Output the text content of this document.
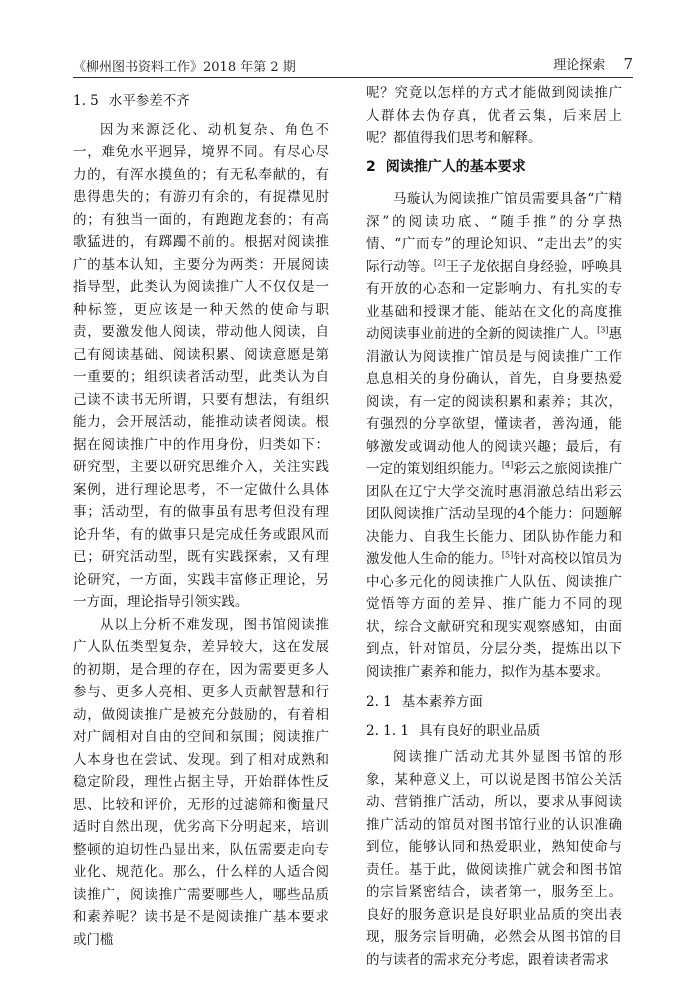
《柳州图书资料工作》2018 年第 2 期	理论探索 7

1. 5 水平参差不齐

因为来源泛化、动机复杂、角色不一，难免水平迥异，境界不同。有尽心尽力的，有浑水摸鱼的；有无私奉献的，有患得患失的；有游刃有余的，有捉襟见肘的；有独当一面的，有跑跑龙套的；有高歌猛进的，有踯躅不前的。根据对阅读推广的基本认知，主要分为两类：开展阅读指导型，此类认为阅读推广人不仅仅是一种标签，更应该是一种天然的使命与职责，要激发他人阅读，带动他人阅读，自己有阅读基础、阅读积累、阅读意愿是第一重要的；组织读者活动型，此类认为自己读不读书无所谓，只要有想法，有组织能力，会开展活动，能推动读者阅读。根据在阅读推广中的作用身份，归类如下：研究型，主要以研究思维介入，关注实践案例，进行理论思考，不一定做什么具体事；活动型，有的做事虽有思考但没有理论升华，有的做事只是完成任务或跟风而已；研究活动型，既有实践探索，又有理论研究，一方面，实践丰富修正理论，另一方面，理论指导引领实践。

从以上分析不难发现，图书馆阅读推广人队伍类型复杂，差异较大，这在发展的初期，是合理的存在，因为需要更多人参与、更多人亮相、更多人贡献智慧和行动，做阅读推广是被充分鼓励的，有着相对广阔相对自由的空间和氛围；阅读推广人本身也在尝试、发现。到了相对成熟和稳定阶段，理性占据主导，开始群体性反思、比较和评价，无形的过滤筛和衡量尺适时自然出现，优劣高下分明起来，培训整顿的迫切性凸显出来，队伍需要走向专业化、规范化。那么，什么样的人适合阅读推广，阅读推广需要哪些人，哪些品质和素养呢？读书是不是阅读推广基本要求或门槛

呢？究竟以怎样的方式才能做到阅读推广人群体去伪存真，优者云集，后来居上呢？都值得我们思考和解释。

2 阅读推广人的基本要求

马璇认为阅读推广馆员需要具备“广精深”的阅读功底、“随手推”的分享热情、“广而专”的理论知识、“走出去”的实际行动等。[2]王子龙依据自身经验，呼唤具有开放的心态和一定影响力、有扎实的专业基础和授课才能、能站在文化的高度推动阅读事业前进的全新的阅读推广人。[3]惠涓澈认为阅读推广馆员是与阅读推广工作息息相关的身份确认，首先，自身要热爱阅读，有一定的阅读积累和素养；其次，有强烈的分享欲望，懂读者，善沟通，能够激发或调动他人的阅读兴趣；最后，有一定的策划组织能力。[4]彩云之旅阅读推广团队在辽宁大学交流时惠涓澈总结出彩云团队阅读推广活动呈现的4个能力：问题解决能力、自我生长能力、团队协作能力和激发他人生命的能力。[5]针对高校以馆员为中心多元化的阅读推广人队伍、阅读推广觉悟等方面的差异、推广能力不同的现状，综合文献研究和现实观察感知，由面到点，针对馆员，分层分类，提炼出以下阅读推广素养和能力，拟作为基本要求。

2. 1 基本素养方面

2. 1. 1 具有良好的职业品质

阅读推广活动尤其外显图书馆的形象，某种意义上，可以说是图书馆公关活动、营销推广活动，所以，要求从事阅读推广活动的馆员对图书馆行业的认识准确到位，能够认同和热爱职业，熟知使命与责任。基于此，做阅读推广就会和图书馆的宗旨紧密结合，读者第一，服务至上。良好的服务意识是良好职业品质的突出表现，服务宗旨明确，必然会从图书馆的目的与读者的需求充分考虑，跟着读者需求
